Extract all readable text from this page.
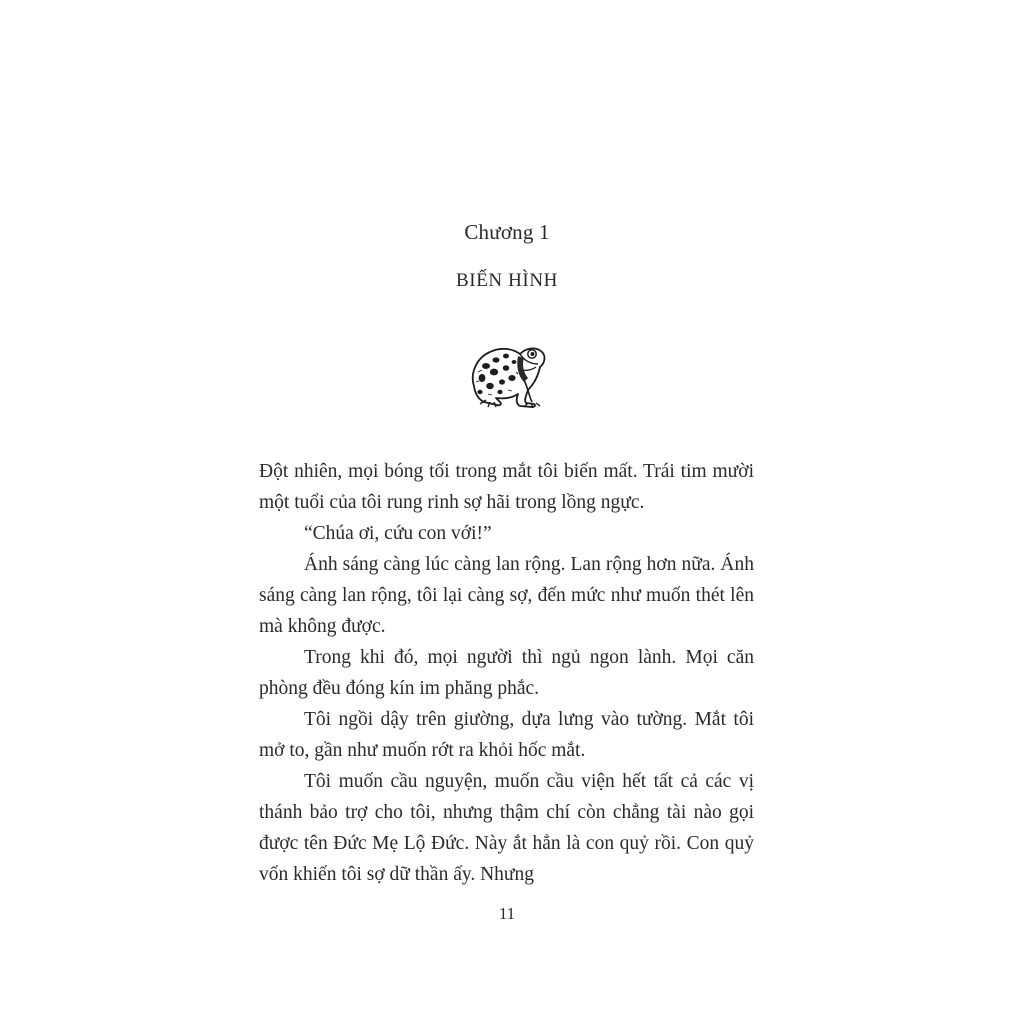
Chương 1
BIẾN HÌNH

Đột nhiên, mọi bóng tối trong mắt tôi biến mất. Trái tim mười một tuổi của tôi rung rinh sợ hãi trong lồng ngực.

“Chúa ơi, cứu con với!”

Ánh sáng càng lúc càng lan rộng. Lan rộng hơn nữa. Ánh sáng càng lan rộng, tôi lại càng sợ, đến mức như muốn thét lên mà không được.

Trong khi đó, mọi người thì ngủ ngon lành. Mọi căn phòng đều đóng kín im phăng phắc.

Tôi ngồi dậy trên giường, dựa lưng vào tường. Mắt tôi mở to, gần như muốn rớt ra khỏi hốc mắt.

Tôi muốn cầu nguyện, muốn cầu viện hết tất cả các vị thánh bảo trợ cho tôi, nhưng thậm chí còn chẳng tài nào gọi được tên Đức Mẹ Lộ Đức. Này ắt hẳn là con quỷ rồi. Con quỷ vốn khiến tôi sợ dữ thần ấy. Nhưng

11
